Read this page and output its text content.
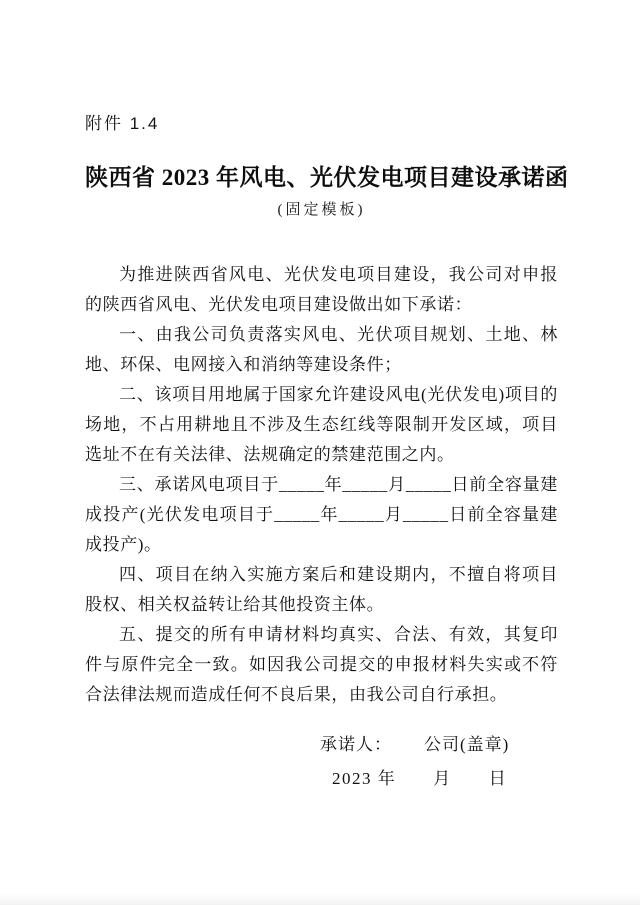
附件 1.4
陕西省 2023 年风电、光伏发电项目建设承诺函
(固定模板)

为推进陕西省风电、光伏发电项目建设，我公司对申报的陕西省风电、光伏发电项目建设做出如下承诺：

一、由我公司负责落实风电、光伏项目规划、土地、林地、环保、电网接入和消纳等建设条件；

二、该项目用地属于国家允许建设风电(光伏发电)项目的场地，不占用耕地且不涉及生态红线等限制开发区域，项目选址不在有关法律、法规确定的禁建范围之内。

三、承诺风电项目于_____年_____月_____日前全容量建成投产(光伏发电项目于_____年_____月_____日前全容量建成投产)。

四、项目在纳入实施方案后和建设期内，不擅自将项目股权、相关权益转让给其他投资主体。

五、提交的所有申请材料均真实、合法、有效，其复印件与原件完全一致。如因我公司提交的申报材料失实或不符合法律法规而造成任何不良后果，由我公司自行承担。

承诺人： 公司(盖章)
2023 年　　月　　日
